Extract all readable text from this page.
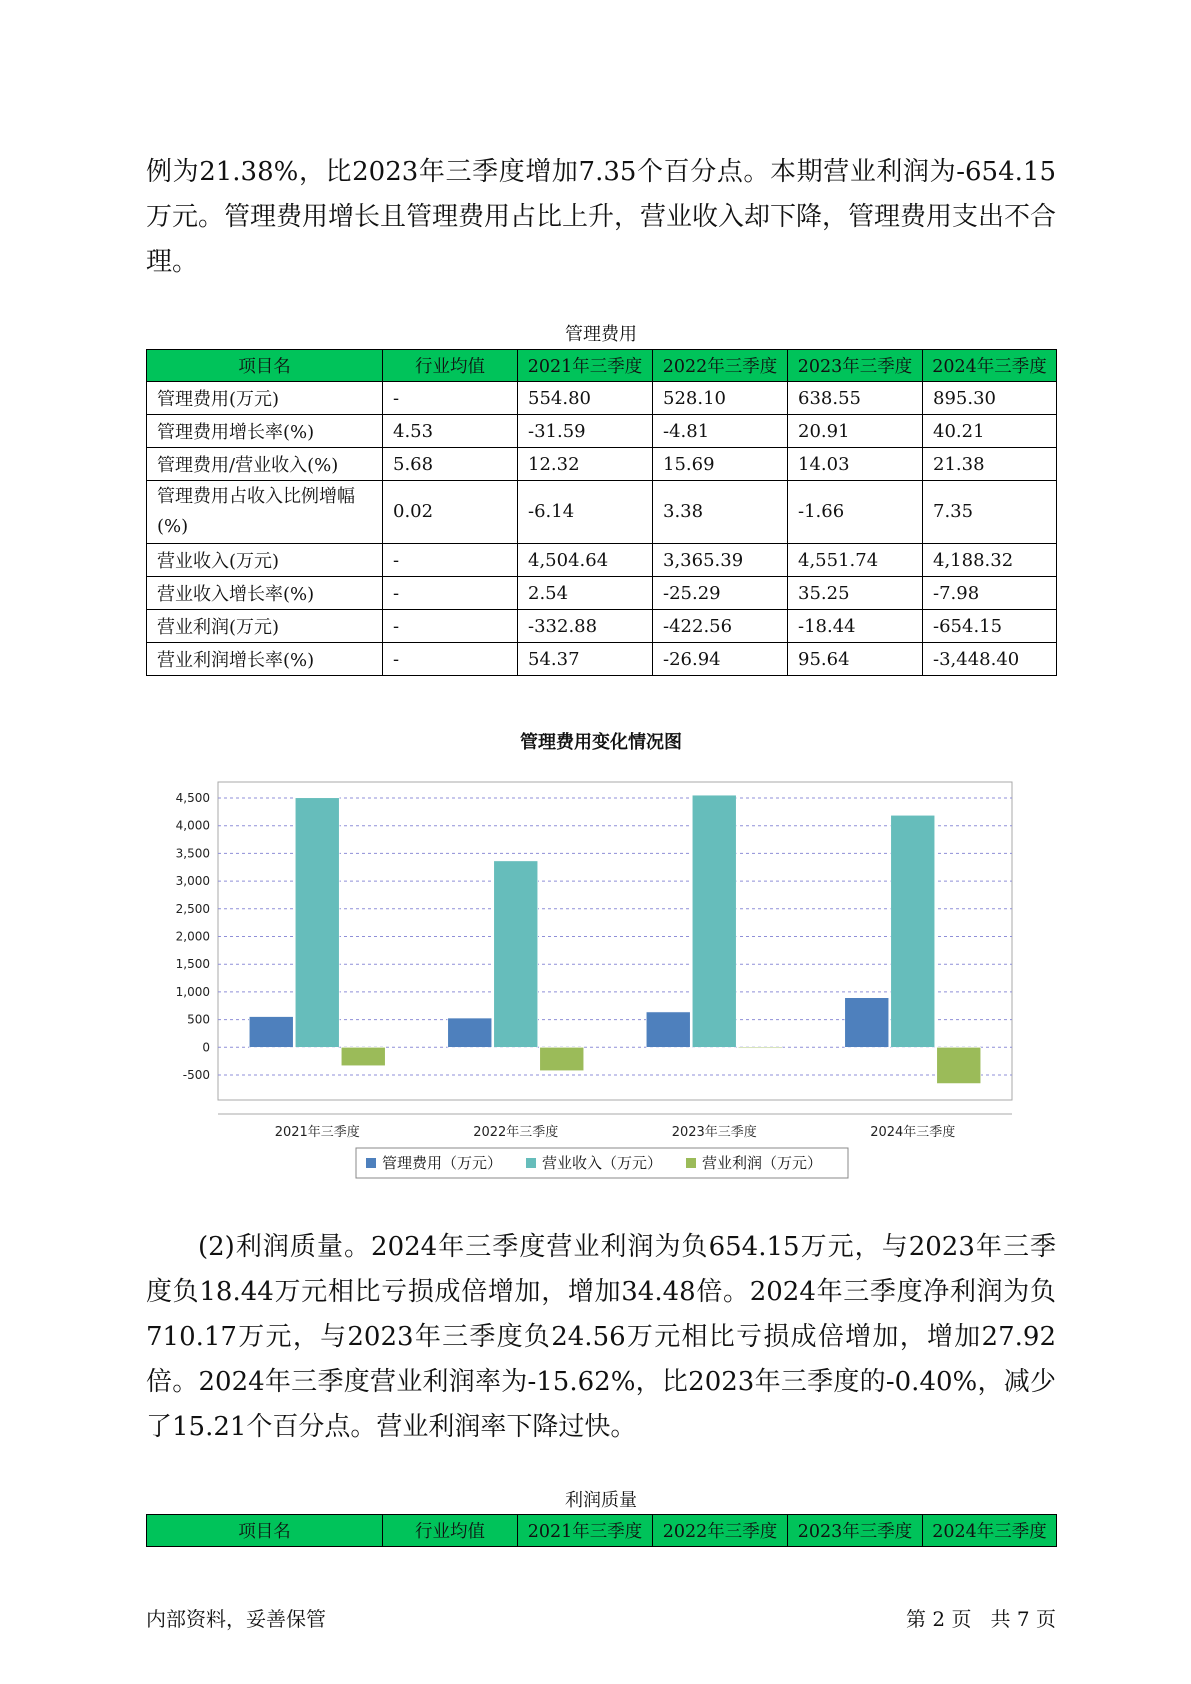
例为21.38%，比2023年三季度增加7.35个百分点。本期营业利润为-654.15万元。管理费用增长且管理费用占比上升，营业收入却下降，管理费用支出不合理。

管理费用

项目名	行业均值	2021年三季度	2022年三季度	2023年三季度	2024年三季度
管理费用(万元)	-	554.80	528.10	638.55	895.30
管理费用增长率(%)	4.53	-31.59	-4.81	20.91	40.21
管理费用/营业收入(%)	5.68	12.32	15.69	14.03	21.38
管理费用占收入比例增幅(%)	0.02	-6.14	3.38	-1.66	7.35
营业收入(万元)	-	4,504.64	3,365.39	4,551.74	4,188.32
营业收入增长率(%)	-	2.54	-25.29	35.25	-7.98
营业利润(万元)	-	-332.88	-422.56	-18.44	-654.15
营业利润增长率(%)	-	54.37	-26.94	95.64	-3,448.40
管理费用变化情况图
-500
0
500
1,000
1,500
2,000
2,500
3,000
3,500
4,000
4,500
2021年三季度	2022年三季度	2023年三季度	2024年三季度
管理费用（万元）	营业收入（万元）	营业利润（万元）

(2)利润质量。2024年三季度营业利润为负654.15万元，与2023年三季度负18.44万元相比亏损成倍增加，增加34.48倍。2024年三季度净利润为负710.17万元，与2023年三季度负24.56万元相比亏损成倍增加，增加27.92倍。2024年三季度营业利润率为-15.62%，比2023年三季度的-0.40%，减少了15.21个百分点。营业利润率下降过快。

利润质量

项目名	行业均值	2021年三季度	2022年三季度	2023年三季度	2024年三季度
内部资料，妥善保管	第 2 页   共 7 页
